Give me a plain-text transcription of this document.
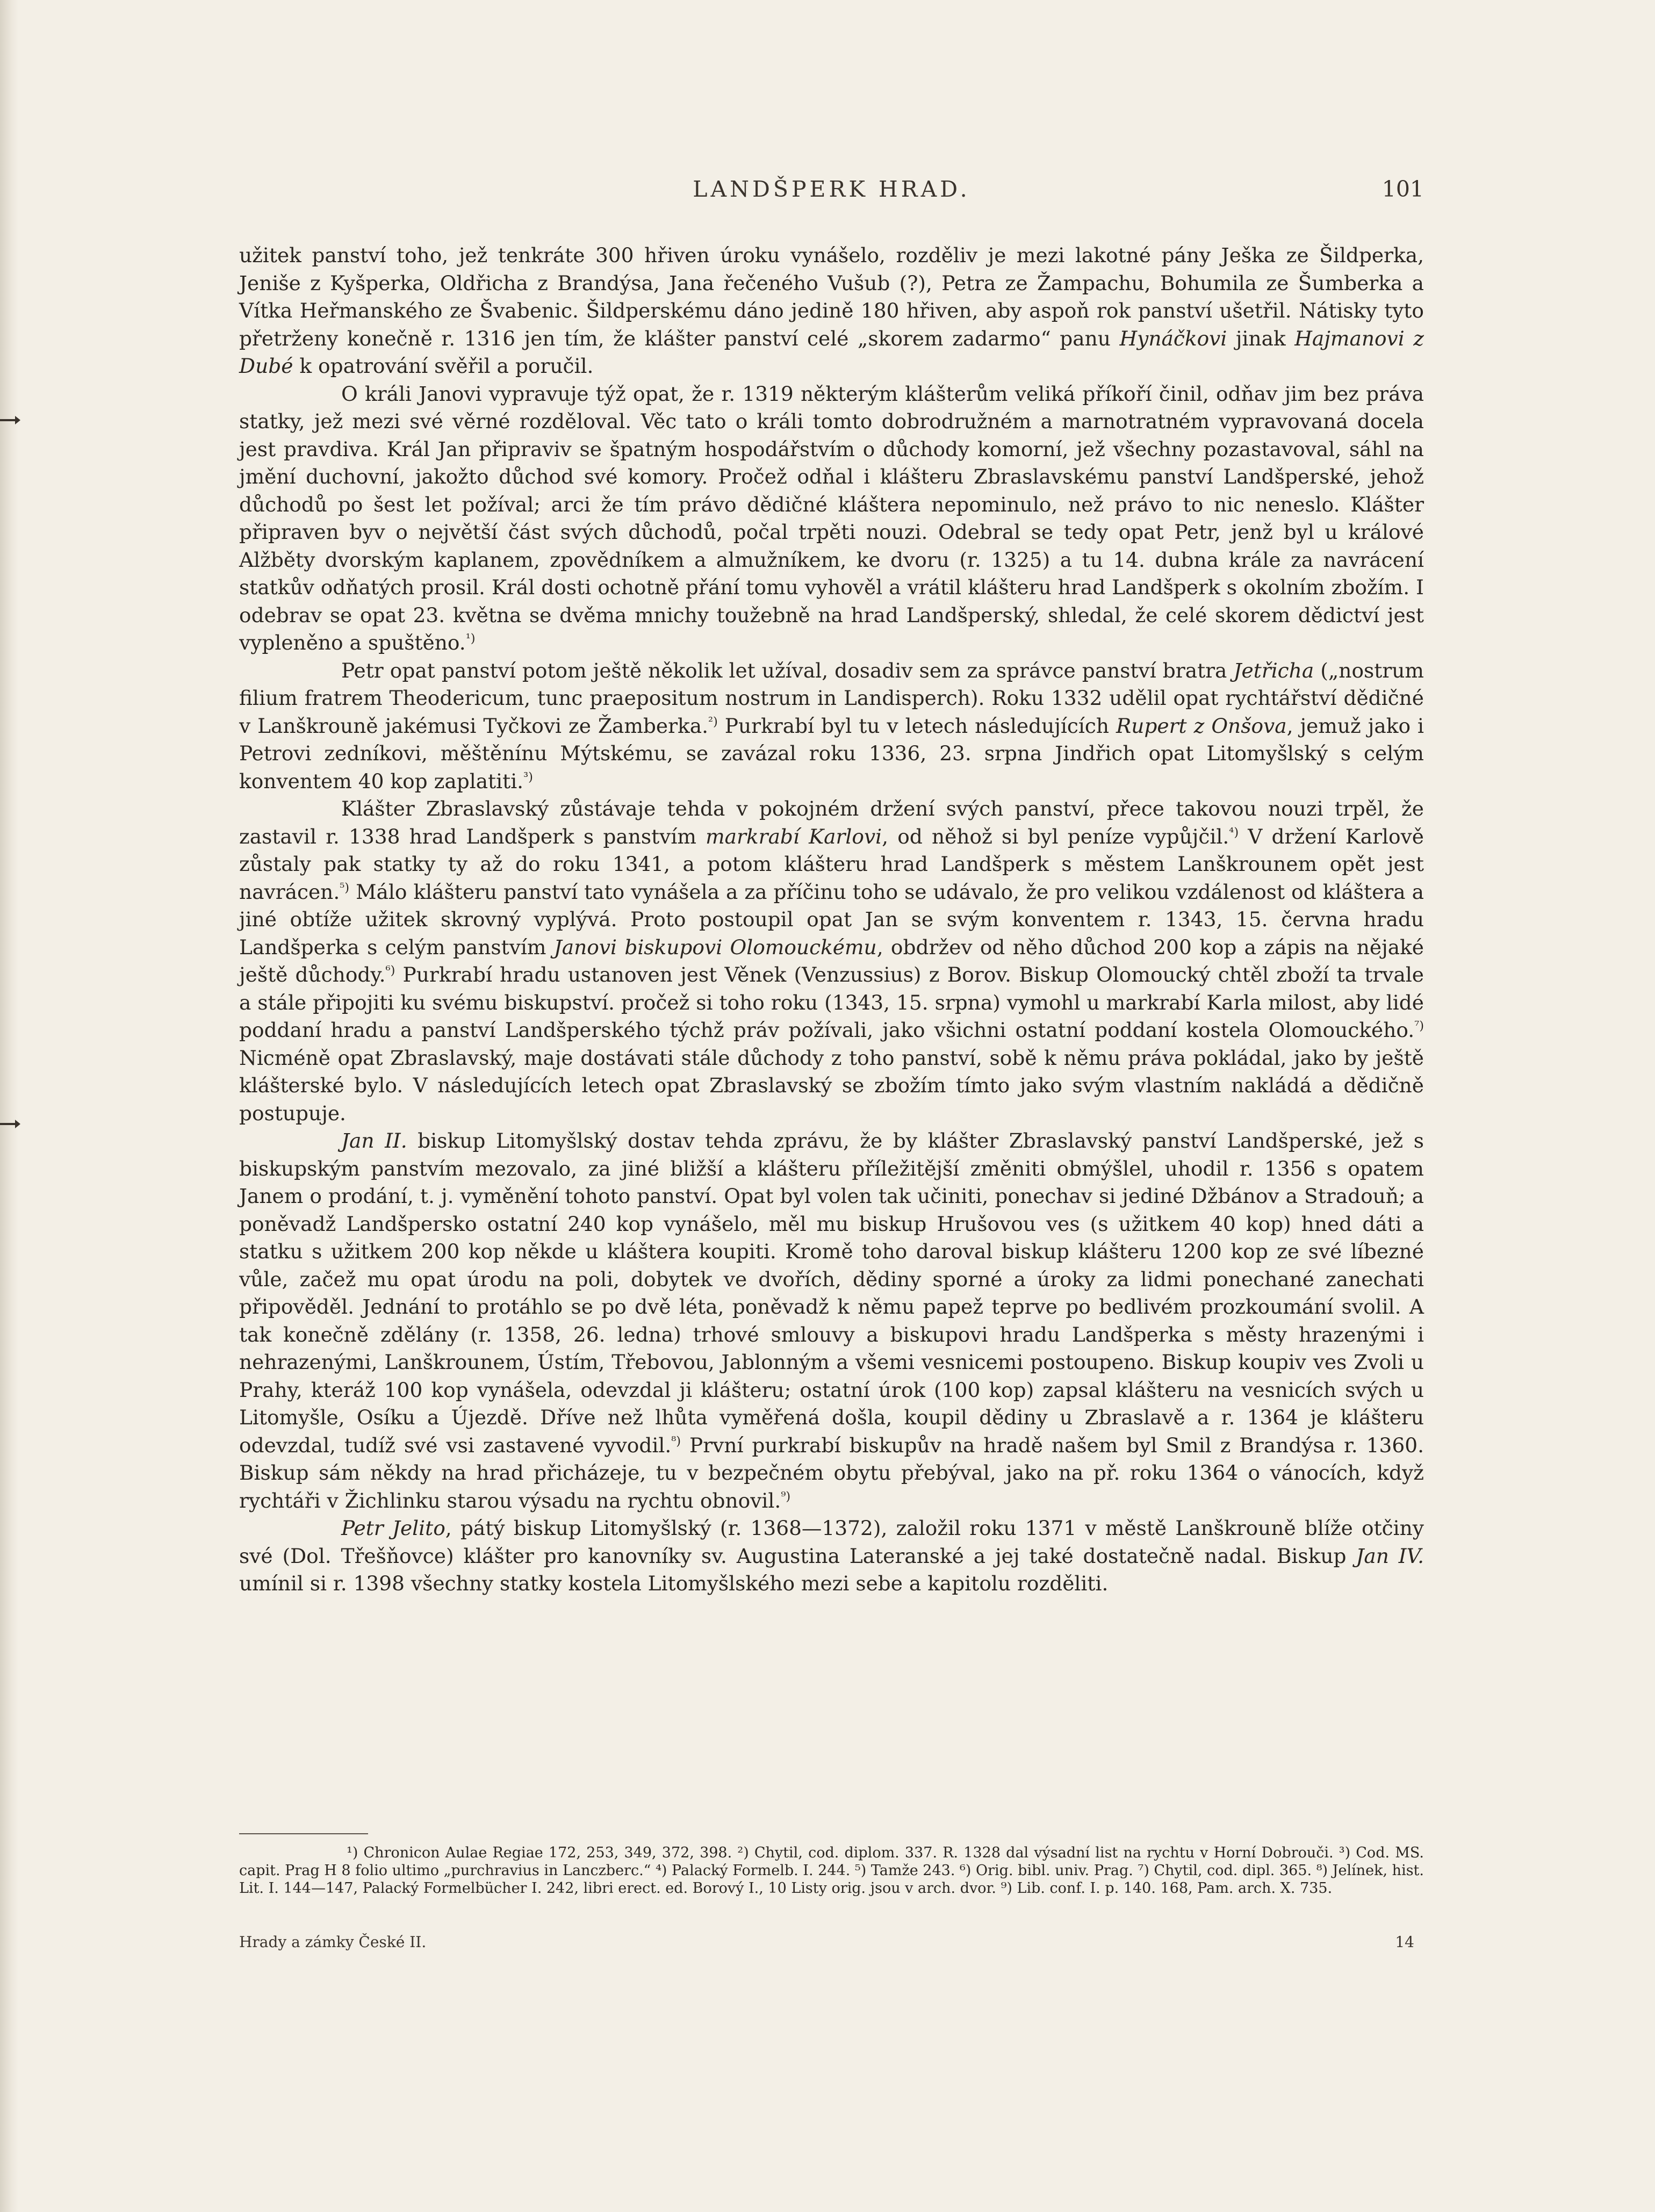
LANDŠPERK HRAD.	101

užitek panství toho, jež tenkráte 300 hřiven úroku vynášelo, rozděliv je mezi lakotné pány Ješka ze Šildperka, Jeniše z Kyšperka, Oldřicha z Brandýsa, Jana řečeného Vušub (?), Petra ze Žampachu, Bohumila ze Šumberka a Vítka Heřmanského ze Švabenic. Šildperskému dáno jedině 180 hřiven, aby aspoň rok panství ušetřil. Nátisky tyto přetrženy konečně r. 1316 jen tím, že klášter panství celé „skorem zadarmo“ panu Hynáčkovi jinak Hajmanovi z Dubé k opatrování svěřil a poručil.

O králi Janovi vypravuje týž opat, že r. 1319 některým klášterům veliká příkoří činil, odňav jim bez práva statky, jež mezi své věrné rozděloval. Věc tato o králi tomto dobrodružném a marnotratném vypravovaná docela jest pravdiva. Král Jan připraviv se špatným hospodářstvím o důchody komorní, jež všechny pozastavoval, sáhl na jmění duchovní, jakožto důchod své komory. Pročež odňal i klášteru Zbraslavskému panství Landšperské, jehož důchodů po šest let požíval; arci že tím právo dědičné kláštera nepominulo, než právo to nic neneslo. Klášter připraven byv o největší část svých důchodů, počal trpěti nouzi. Odebral se tedy opat Petr, jenž byl u králové Alžběty dvorským kaplanem, zpovědníkem a almužníkem, ke dvoru (r. 1325) a tu 14. dubna krále za navrácení statkův odňatých prosil. Král dosti ochotně přání tomu vyhověl a vrátil klášteru hrad Landšperk s okolním zbožím. I odebrav se opat 23. května se dvěma mnichy toužebně na hrad Landšperský, shledal, že celé skorem dědictví jest vypleněno a spuštěno.$^{^1)}$

Petr opat panství potom ještě několik let užíval, dosadiv sem za správce panství bratra Jetřicha („nostrum filium fratrem Theodericum, tunc praepositum nostrum in Landisperch). Roku 1332 udělil opat rychtářství dědičné v Lanškrouně jakémusi Tyčkovi ze Žamberka.$^{^2)}$ Purkrabí byl tu v letech následujících Rupert z Onšova, jemuž jako i Petrovi zedníkovi, měštěnínu Mýtskému, se zavázal roku 1336, 23. srpna Jindřich opat Litomyšlský s celým konventem 40 kop zaplatiti.$^{^3)}$

Klášter Zbraslavský zůstávaje tehda v pokojném držení svých panství, přece takovou nouzi trpěl, že zastavil r. 1338 hrad Landšperk s panstvím markrabí Karlovi, od něhož si byl peníze vypůjčil.$^{^4)}$ V držení Karlově zůstaly pak statky ty až do roku 1341, a potom klášteru hrad Landšperk s městem Lanškrounem opět jest navrácen.$^{^5)}$ Málo klášteru panství tato vynášela a za příčinu toho se udávalo, že pro velikou vzdálenost od kláštera a jiné obtíže užitek skrovný vyplývá. Proto postoupil opat Jan se svým konventem r. 1343, 15. června hradu Landšperka s celým panstvím Janovi biskupovi Olomouckému, obdržev od něho důchod 200 kop a zápis na nějaké ještě důchody.$^{^6)}$ Purkrabí hradu ustanoven jest Věnek (Venzussius) z Borov. Biskup Olomoucký chtěl zboží ta trvale a stále připojiti ku svému biskupství. pročež si toho roku (1343, 15. srpna) vymohl u markrabí Karla milost, aby lidé poddaní hradu a panství Landšperského týchž práv požívali, jako všichni ostatní poddaní kostela Olomouckého.$^{^7)}$ Nicméně opat Zbraslavský, maje dostávati stále důchody z toho panství, sobě k němu práva pokládal, jako by ještě klášterské bylo. V následujících letech opat Zbraslavský se zbožím tímto jako svým vlastním nakládá a dědičně postupuje.

Jan II. biskup Litomyšlský dostav tehda zprávu, že by klášter Zbraslavský panství Landšperské, jež s biskupským panstvím mezovalo, za jiné bližší a klášteru příležitější změniti obmýšlel, uhodil r. 1356 s opatem Janem o prodání, t. j. vyměnění tohoto panství. Opat byl volen tak učiniti, ponechav si jediné Džbánov a Stradouň; a poněvadž Landšpersko ostatní 240 kop vynášelo, měl mu biskup Hrušovou ves (s užitkem 40 kop) hned dáti a statku s užitkem 200 kop někde u kláštera koupiti. Kromě toho daroval biskup klášteru 1200 kop ze své líbezné vůle, začež mu opat úrodu na poli, dobytek ve dvořích, dědiny sporné a úroky za lidmi ponechané zanechati připověděl. Jednání to protáhlo se po dvě léta, poněvadž k němu papež teprve po bedlivém prozkoumání svolil. A tak konečně zdělány (r. 1358, 26. ledna) trhové smlouvy a biskupovi hradu Landšperka s městy hrazenými i nehrazenými, Lanškrounem, Ústím, Třebovou, Jablonným a všemi vesnicemi postoupeno. Biskup koupiv ves Zvoli u Prahy, kteráž 100 kop vynášela, odevzdal ji klášteru; ostatní úrok (100 kop) zapsal klášteru na vesnicích svých u Litomyšle, Osíku a Újezdě. Dříve než lhůta vyměřená došla, koupil dědiny u Zbraslavě a r. 1364 je klášteru odevzdal, tudíž své vsi zastavené vyvodil.$^{^8)}$ První purkrabí biskupův na hradě našem byl Smil z Brandýsa r. 1360. Biskup sám někdy na hrad přicházeje, tu v bezpečném obytu přebýval, jako na př. roku 1364 o vánocích, když rychtáři v Žichlinku starou výsadu na rychtu obnovil.$^{^9)}$

Petr Jelito, pátý biskup Litomyšlský (r. 1368—1372), založil roku 1371 v městě Lanškrouně blíže otčiny své (Dol. Třešňovce) klášter pro kanovníky sv. Augustina Lateranské a jej také dostatečně nadal. Biskup Jan IV. umínil si r. 1398 všechny statky kostela Litomyšlského mezi sebe a kapitolu rozděliti.

¹) Chronicon Aulae Regiae 172, 253, 349, 372, 398. ²) Chytil, cod. diplom. 337. R. 1328 dal výsadní list na rychtu v Horní Dobrouči. ³) Cod. MS. capit. Prag H 8 folio ultimo „purchravius in Lanczberc.“ ⁴) Palacký Formelb. I. 244. ⁵) Tamže 243. ⁶) Orig. bibl. univ. Prag. ⁷) Chytil, cod. dipl. 365. ⁸) Jelínek, hist. Lit. I. 144—147, Palacký Formelbücher I. 242, libri erect. ed. Borový I., 10 Listy orig. jsou v arch. dvor. ⁹) Lib. conf. I. p. 140. 168, Pam. arch. X. 735.

Hrady a zámky České II.	14
